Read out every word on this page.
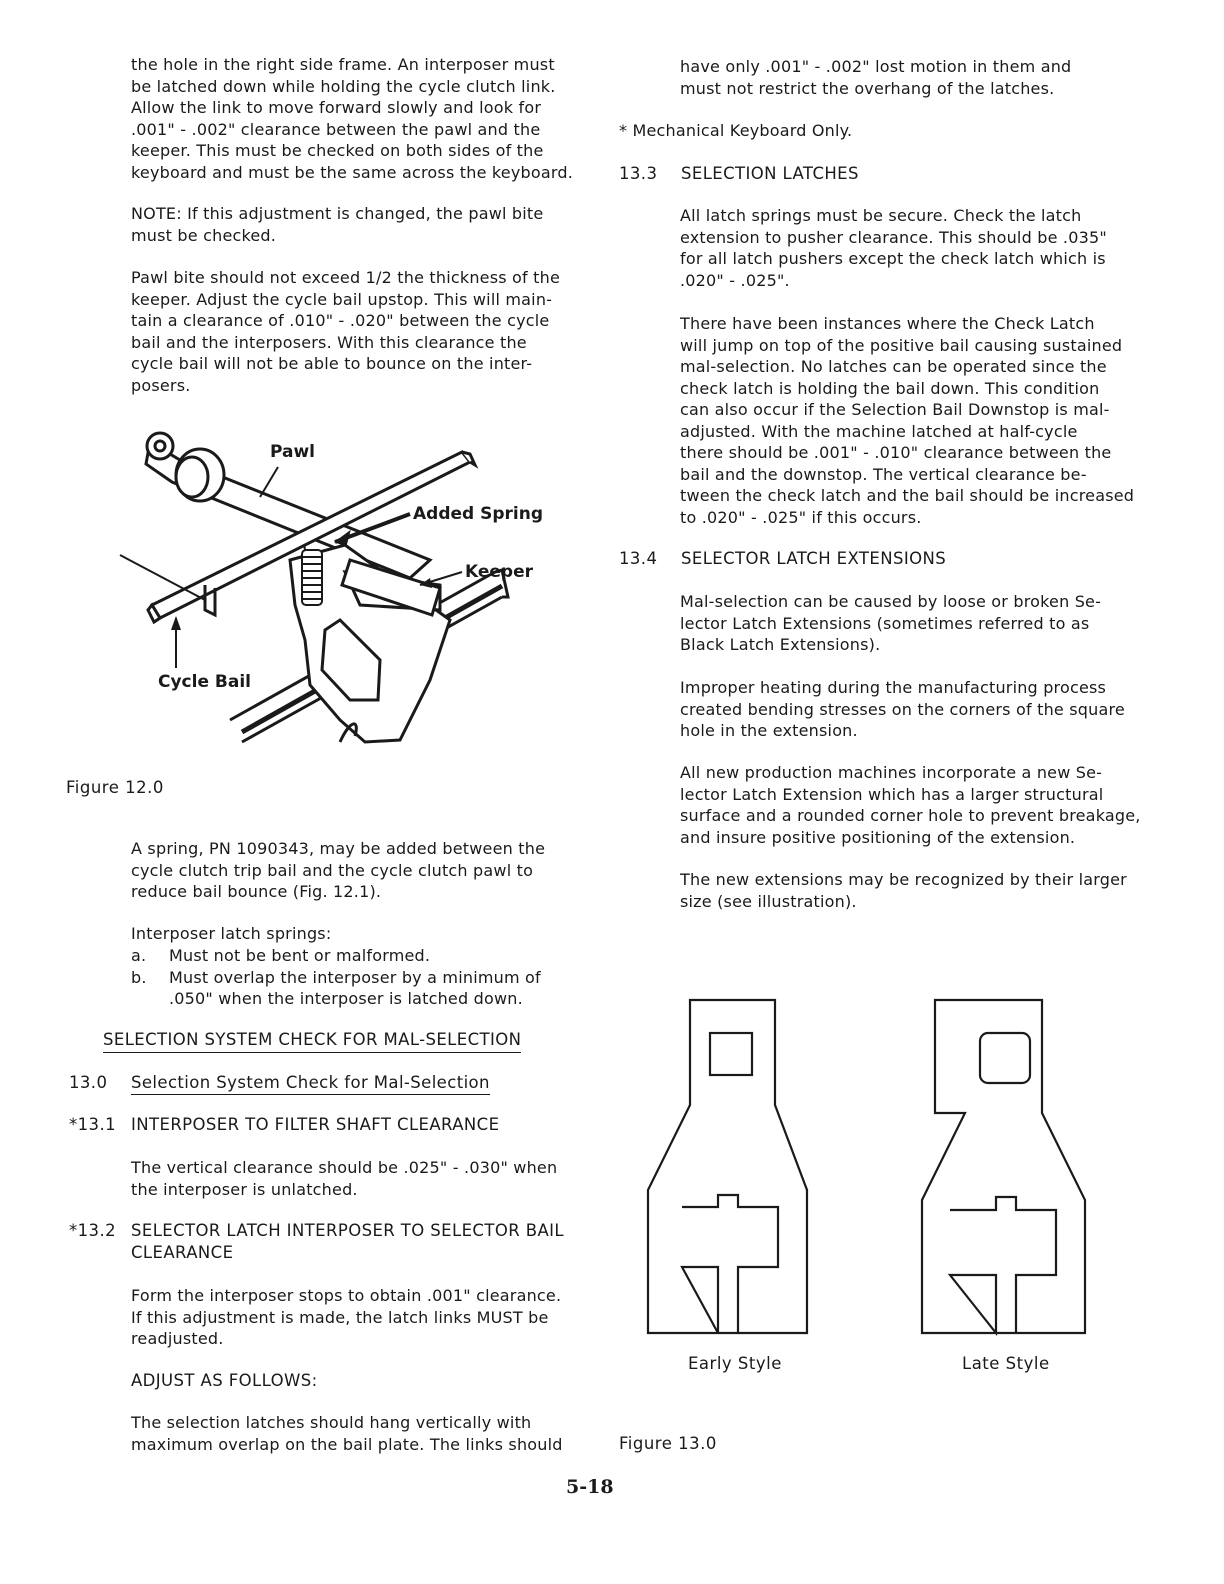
the hole in the right side frame. An interposer must
be latched down while holding the cycle clutch link.
Allow the link to move forward slowly and look for
.001" - .002" clearance between the pawl and the
keeper. This must be checked on both sides of the
keyboard and must be the same across the keyboard.

NOTE: If this adjustment is changed, the pawl bite
must be checked.

Pawl bite should not exceed 1/2 the thickness of the
keeper. Adjust the cycle bail upstop. This will main-
tain a clearance of .010" - .020" between the cycle
bail and the interposers. With this clearance the
cycle bail will not be able to bounce on the inter-
posers.

Pawl
Added Spring
Keeper
Cycle Bail
Figure 12.0

A spring, PN 1090343, may be added between the
cycle clutch trip bail and the cycle clutch pawl to
reduce bail bounce (Fig. 12.1).

Interposer latch springs:

a.	Must not be bent or malformed.

b.	Must overlap the interposer by a minimum of
.050" when the interposer is latched down.

SELECTION SYSTEM CHECK FOR MAL-SELECTION
13.0 Selection System Check for Mal-Selection
*13.1 INTERPOSER TO FILTER SHAFT CLEARANCE

The vertical clearance should be .025" - .030" when
the interposer is unlatched.

*13.2 SELECTOR LATCH INTERPOSER TO SELECTOR BAIL
CLEARANCE

Form the interposer stops to obtain .001" clearance.
If this adjustment is made, the latch links MUST be
readjusted.

ADJUST AS FOLLOWS:

The selection latches should hang vertically with
maximum overlap on the bail plate. The links should

have only .001" - .002" lost motion in them and
must not restrict the overhang of the latches.

* Mechanical Keyboard Only.

13.3	SELECTION LATCHES

All latch springs must be secure. Check the latch
extension to pusher clearance. This should be .035"
for all latch pushers except the check latch which is
.020" - .025".

There have been instances where the Check Latch
will jump on top of the positive bail causing sustained
mal-selection. No latches can be operated since the
check latch is holding the bail down. This condition
can also occur if the Selection Bail Downstop is mal-
adjusted. With the machine latched at half-cycle
there should be .001" - .010" clearance between the
bail and the downstop. The vertical clearance be-
tween the check latch and the bail should be increased
to .020" - .025" if this occurs.

13.4	SELECTOR LATCH EXTENSIONS

Mal-selection can be caused by loose or broken Se-
lector Latch Extensions (sometimes referred to as
Black Latch Extensions).

Improper heating during the manufacturing process
created bending stresses on the corners of the square
hole in the extension.

All new production machines incorporate a new Se-
lector Latch Extension which has a larger structural
surface and a rounded corner hole to prevent breakage,
and insure positive positioning of the extension.

The new extensions may be recognized by their larger
size (see illustration).

Early Style	Late Style
Figure 13.0
5-18
